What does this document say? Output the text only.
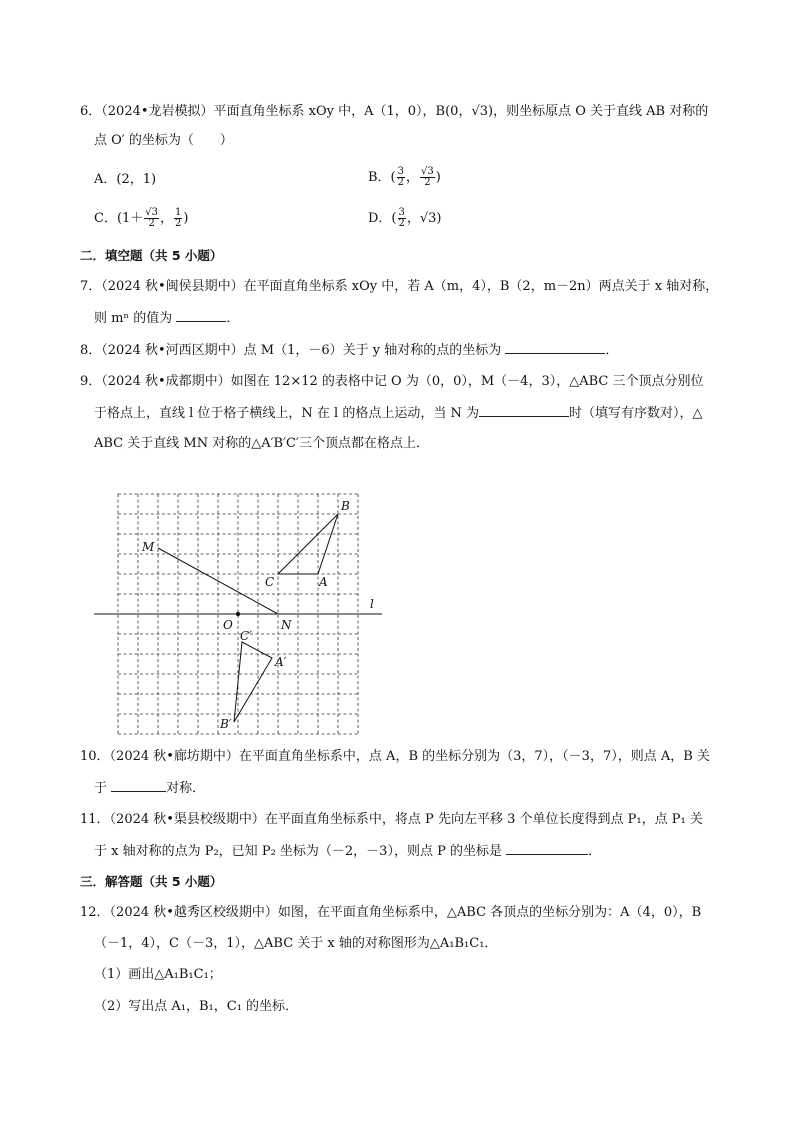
6．（2024•龙岩模拟）平面直角坐标系 xOy 中，A（1，0），B(0，√3)，则坐标原点 O 关于直线 AB 对称的
点 O′ 的坐标为（　　）
A．(2，1)	B．( $\frac{3}{2}$ ， $\frac{√3}{2}$ )
C．($1+ \frac{√3}{2}$ ， $\frac{1}{2}$ )	D．( $\frac{3}{2}$ ，√3)
二．填空题（共 5 小题）
7．（2024 秋•闽侯县期中）在平面直角坐标系 xOy 中，若 A（m，4），B（2，m－2n）两点关于 x 轴对称，
则 mⁿ 的值为	．
8．（2024 秋•河西区期中）点 M（1，－6）关于 y 轴对称的点的坐标为	．
9．（2024 秋•成都期中）如图在 12×12 的表格中记 O 为（0，0），M（－4，3），△ABC 三个顶点分别位
于格点上，直线 l 位于格子横线上，N 在 l 的格点上运动，当 N 为	时（填写有序数对），△
ABC 关于直线 MN 对称的△A′B′C′三个顶点都在格点上．
B
M
C	A
l
O	N
C′
A′
B′
10．（2024 秋•廊坊期中）在平面直角坐标系中，点 A，B 的坐标分别为（3，7），（－3，7），则点 A，B 关
于	对称．
11．（2024 秋•渠县校级期中）在平面直角坐标系中，将点 P 先向左平移 3 个单位长度得到点 P₁，点 P₁ 关
于 x 轴对称的点为 P₂，已知 P₂ 坐标为（－2，－3），则点 P 的坐标是	．
三．解答题（共 5 小题）
12．（2024 秋•越秀区校级期中）如图，在平面直角坐标系中，△ABC 各顶点的坐标分别为：A（4，0），B
（－1，4），C（－3，1），△ABC 关于 x 轴的对称图形为△A₁B₁C₁．
（1）画出△A₁B₁C₁；
（2）写出点 A₁，B₁，C₁ 的坐标．
